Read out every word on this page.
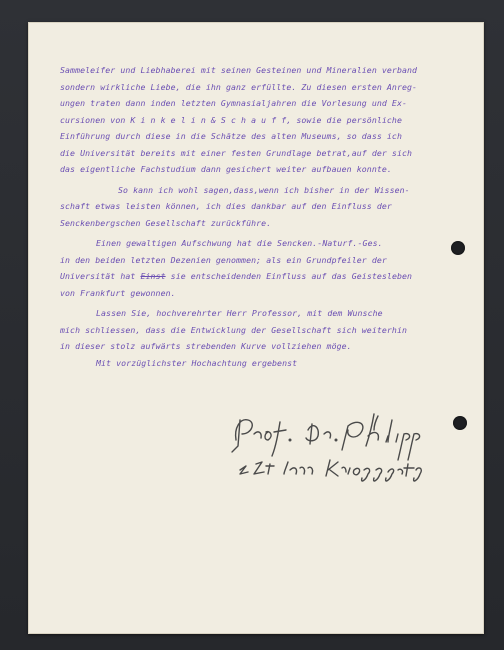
Sammeleifer und Liebhaberei mit seinen Gesteinen und Mineralien verband
sondern wirkliche Liebe, die ihn ganz erfüllte. Zu diesen ersten Anreg-
ungen traten dann inden letzten Gymnasialjahren die Vorlesung und Ex-
cursionen von K i n k e l i n & S c h a u f f, sowie die persönliche
Einführung durch diese in die Schätze des alten Museums, so dass ich
die Universität bereits mit einer festen Grundlage betrat,auf der sich
das eigentliche Fachstudium dann gesichert weiter aufbauen konnte.
So kann ich wohl sagen,dass,wenn ich bisher in der Wissen-
schaft etwas leisten können, ich dies dankbar auf den Einfluss der
Senckenbergschen Gesellschaft zurückführe.
Einen gewaltigen Aufschwung hat die Sencken.-Naturf.-Ges.
in den beiden letzten Dezenien genommen; als ein Grundpfeiler der
Universität hat Einst sie entscheidenden Einfluss auf das Geistesleben
von Frankfurt gewonnen.
Lassen Sie, hochverehrter Herr Professor, mit dem Wunsche
mich schliessen, dass die Entwicklung der Gesellschaft sich weiterhin
in dieser stolz aufwärts strebenden Kurve vollziehen möge.
Mit vorzüglichster Hochachtung ergebenst
